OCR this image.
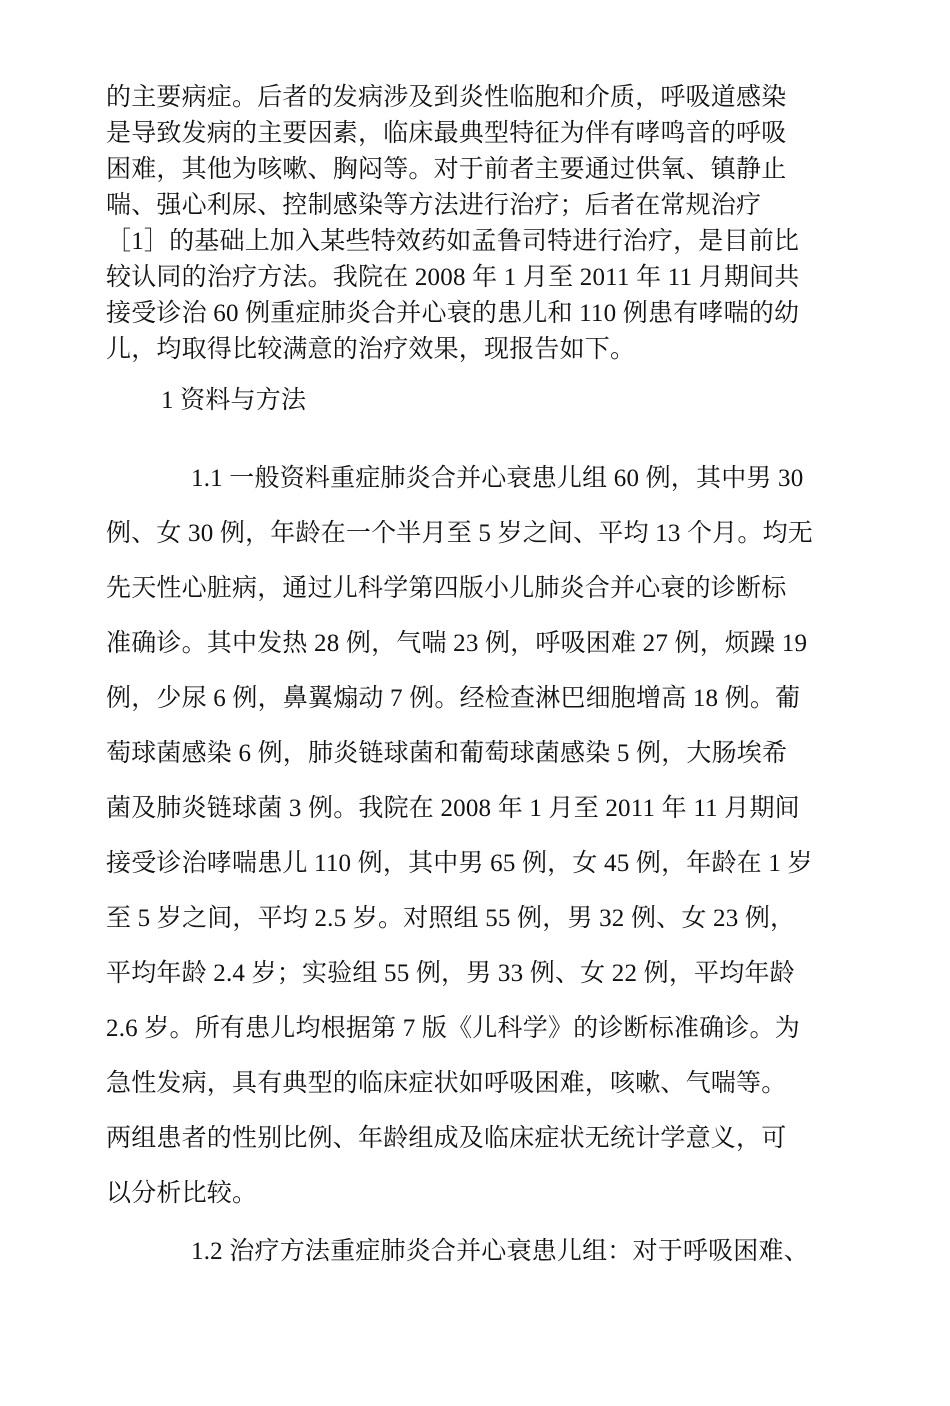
的主要病症。后者的发病涉及到炎性临胞和介质，呼吸道感染
是导致发病的主要因素，临床最典型特征为伴有哮鸣音的呼吸
困难，其他为咳嗽、胸闷等。对于前者主要通过供氧、镇静止
喘、强心利尿、控制感染等方法进行治疗；后者在常规治疗
［1］的基础上加入某些特效药如孟鲁司特进行治疗，是目前比
较认同的治疗方法。我院在 2008 年 1 月至 2011 年 11 月期间共
接受诊治 60 例重症肺炎合并心衰的患儿和 110 例患有哮喘的幼
儿，均取得比较满意的治疗效果，现报告如下。
1 资料与方法
1.1 一般资料重症肺炎合并心衰患儿组 60 例，其中男 30
例、女 30 例，年龄在一个半月至 5 岁之间、平均 13 个月。均无
先天性心脏病，通过儿科学第四版小儿肺炎合并心衰的诊断标
准确诊。其中发热 28 例，气喘 23 例，呼吸困难 27 例，烦躁 19
例，少尿 6 例，鼻翼煽动 7 例。经检查淋巴细胞增高 18 例。葡
萄球菌感染 6 例，肺炎链球菌和葡萄球菌感染 5 例，大肠埃希
菌及肺炎链球菌 3 例。我院在 2008 年 1 月至 2011 年 11 月期间
接受诊治哮喘患儿 110 例，其中男 65 例，女 45 例，年龄在 1 岁
至 5 岁之间，平均 2.5 岁。对照组 55 例，男 32 例、女 23 例，
平均年龄 2.4 岁；实验组 55 例，男 33 例、女 22 例，平均年龄
2.6 岁。所有患儿均根据第 7 版《儿科学》的诊断标准确诊。为
急性发病，具有典型的临床症状如呼吸困难，咳嗽、气喘等。
两组患者的性别比例、年龄组成及临床症状无统计学意义，可
以分析比较。
1.2 治疗方法重症肺炎合并心衰患儿组：对于呼吸困难、
